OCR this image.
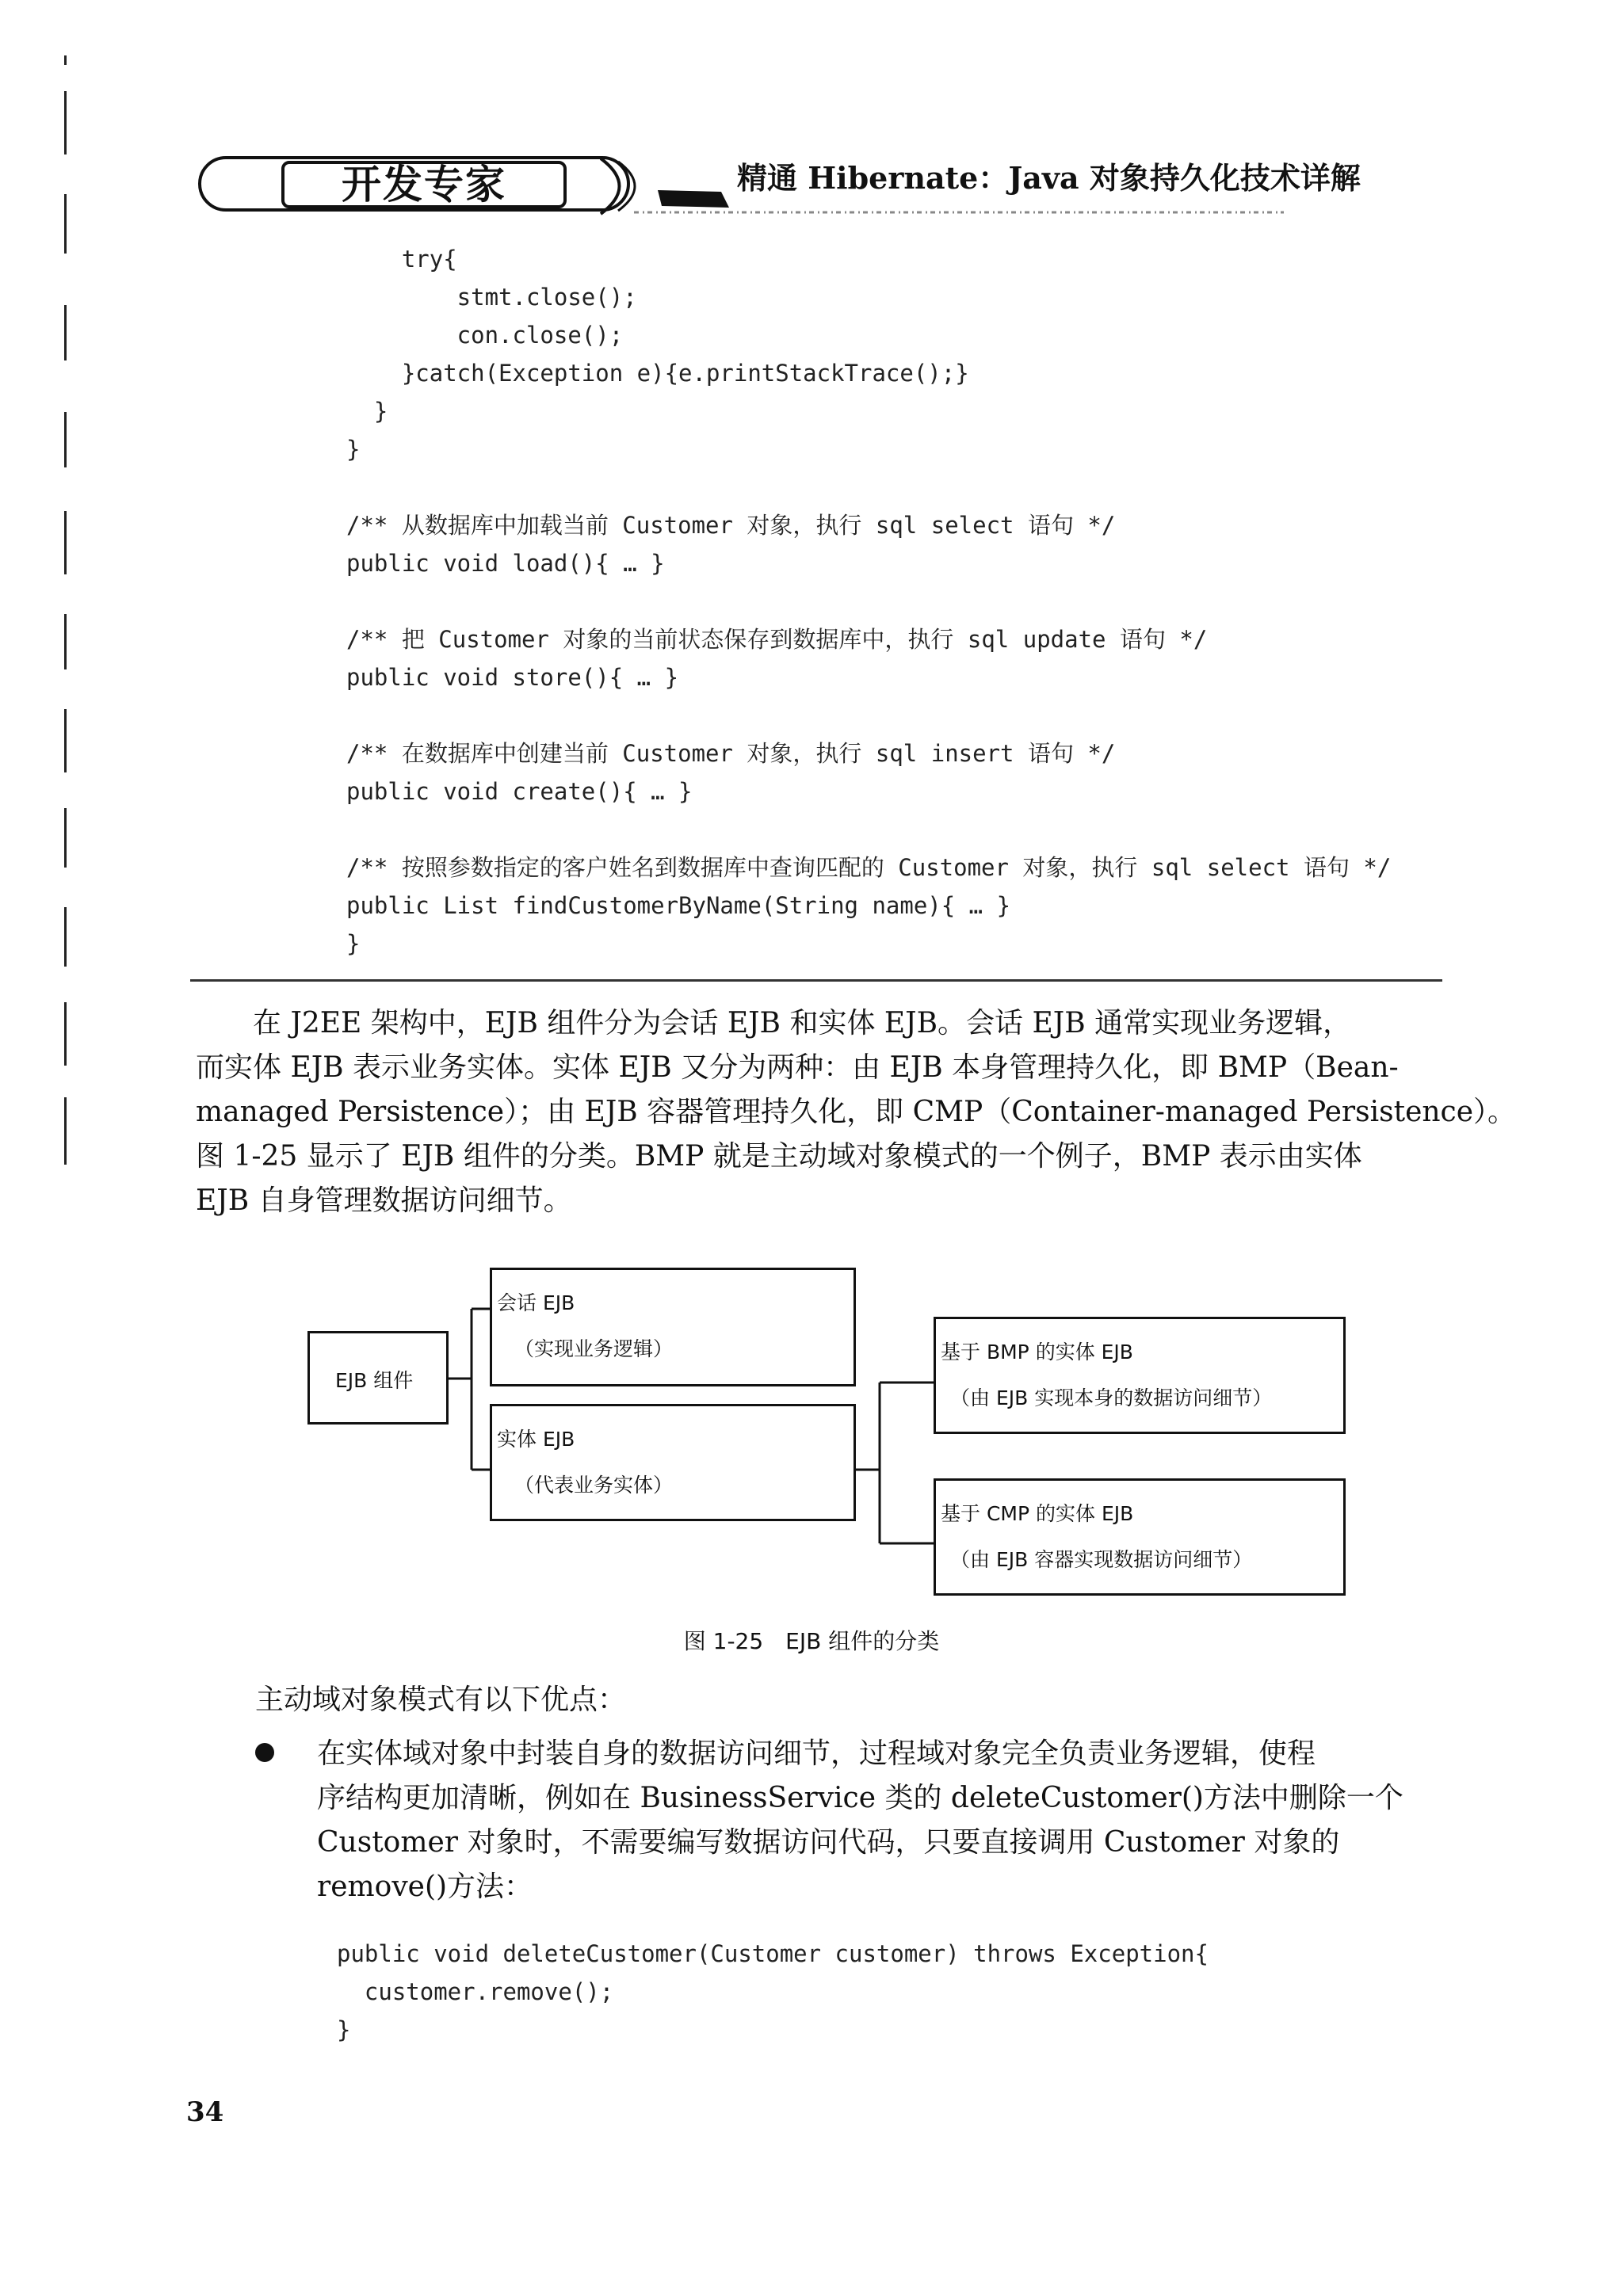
开发专家	精通 Hibernate：Java 对象持久化技术详解
try{
stmt.close();
con.close();
}catch(Exception e){e.printStackTrace();}
}
}

/** 从数据库中加载当前 Customer 对象，执行 sql select 语句 */
public void load(){ … }

/** 把 Customer 对象的当前状态保存到数据库中，执行 sql update 语句 */
public void store(){ … }

/** 在数据库中创建当前 Customer 对象，执行 sql insert 语句 */
public void create(){ … }

/** 按照参数指定的客户姓名到数据库中查询匹配的 Customer 对象，执行 sql select 语句 */
public List findCustomerByName(String name){ … }
}
在 J2EE 架构中，EJB 组件分为会话 EJB 和实体 EJB。会话 EJB 通常实现业务逻辑，
而实体 EJB 表示业务实体。实体 EJB 又分为两种：由 EJB 本身管理持久化，即 BMP（Bean-
managed Persistence）；由 EJB 容器管理持久化，即 CMP（Container-managed Persistence）。
图 1-25 显示了 EJB 组件的分类。BMP 就是主动域对象模式的一个例子，BMP 表示由实体
EJB 自身管理数据访问细节。
EJB 组件
会话 EJB
（实现业务逻辑）
实体 EJB
（代表业务实体）
基于 BMP 的实体 EJB
（由 EJB 实现本身的数据访问细节）
基于 CMP 的实体 EJB
（由 EJB 容器实现数据访问细节）
图 1-25　EJB 组件的分类
主动域对象模式有以下优点：
在实体域对象中封装自身的数据访问细节，过程域对象完全负责业务逻辑，使程
序结构更加清晰，例如在 BusinessService 类的 deleteCustomer()方法中删除一个
Customer 对象时，不需要编写数据访问代码，只要直接调用 Customer 对象的
remove()方法：
public void deleteCustomer(Customer customer) throws Exception{
customer.remove();
}
34
